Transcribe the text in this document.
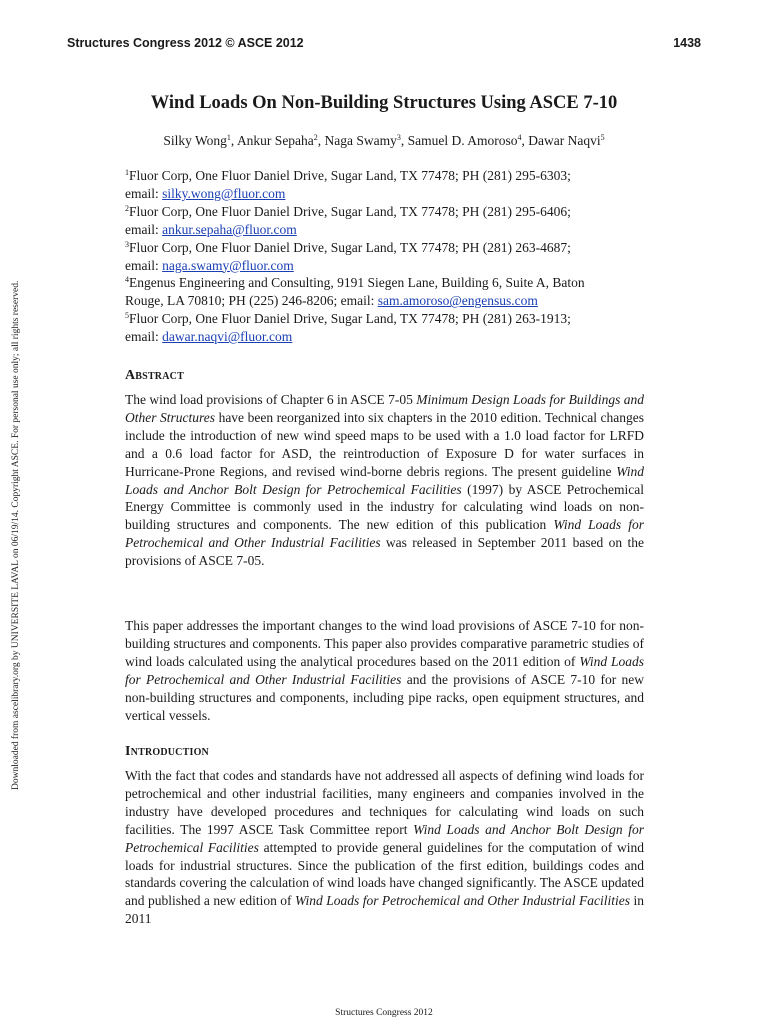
Structures Congress 2012 © ASCE 2012	1438
Downloaded from ascelibrary.org by UNIVERSITE LAVAL on 06/19/14. Copyright ASCE. For personal use only; all rights reserved.
Wind Loads On Non-Building Structures Using ASCE 7-10
Silky Wong$^1$, Ankur Sepaha$^2$, Naga Swamy$^3$, Samuel D. Amoroso$^4$, Dawar Naqvi$^5$
$^1$Fluor Corp, One Fluor Daniel Drive, Sugar Land, TX 77478; PH (281) 295-6303;
email: silky.wong@fluor.com
$^2$Fluor Corp, One Fluor Daniel Drive, Sugar Land, TX 77478; PH (281) 295-6406;
email: ankur.sepaha@fluor.com
$^3$Fluor Corp, One Fluor Daniel Drive, Sugar Land, TX 77478; PH (281) 263-4687;
email: naga.swamy@fluor.com
$^4$Engenus Engineering and Consulting, 9191 Siegen Lane, Building 6, Suite A, Baton
Rouge, LA 70810; PH (225) 246-8206; email: sam.amoroso@engensus.com
$^5$Fluor Corp, One Fluor Daniel Drive, Sugar Land, TX 77478; PH (281) 263-1913;
email: dawar.naqvi@fluor.com
Abstract

The wind load provisions of Chapter 6 in ASCE 7-05 Minimum Design Loads for Buildings and Other Structures have been reorganized into six chapters in the 2010 edition. Technical changes include the introduction of new wind speed maps to be used with a 1.0 load factor for LRFD and a 0.6 load factor for ASD, the reintroduction of Exposure D for water surfaces in Hurricane-Prone Regions, and revised wind-borne debris regions. The present guideline Wind Loads and Anchor Bolt Design for Petrochemical Facilities (1997) by ASCE Petrochemical Energy Committee is commonly used in the industry for calculating wind loads on non-building structures and components. The new edition of this publication Wind Loads for Petrochemical and Other Industrial Facilities was released in September 2011 based on the provisions of ASCE 7-05.

This paper addresses the important changes to the wind load provisions of ASCE 7-10 for non-building structures and components. This paper also provides comparative parametric studies of wind loads calculated using the analytical procedures based on the 2011 edition of Wind Loads for Petrochemical and Other Industrial Facilities and the provisions of ASCE 7-10 for new non-building structures and components, including pipe racks, open equipment structures, and vertical vessels.

Introduction

With the fact that codes and standards have not addressed all aspects of defining wind loads for petrochemical and other industrial facilities, many engineers and companies involved in the industry have developed procedures and techniques for calculating wind loads on such facilities. The 1997 ASCE Task Committee report Wind Loads and Anchor Bolt Design for Petrochemical Facilities attempted to provide general guidelines for the computation of wind loads for industrial structures. Since the publication of the first edition, buildings codes and standards covering the calculation of wind loads have changed significantly. The ASCE updated and published a new edition of Wind Loads for Petrochemical and Other Industrial Facilities in 2011

Structures Congress 2012
